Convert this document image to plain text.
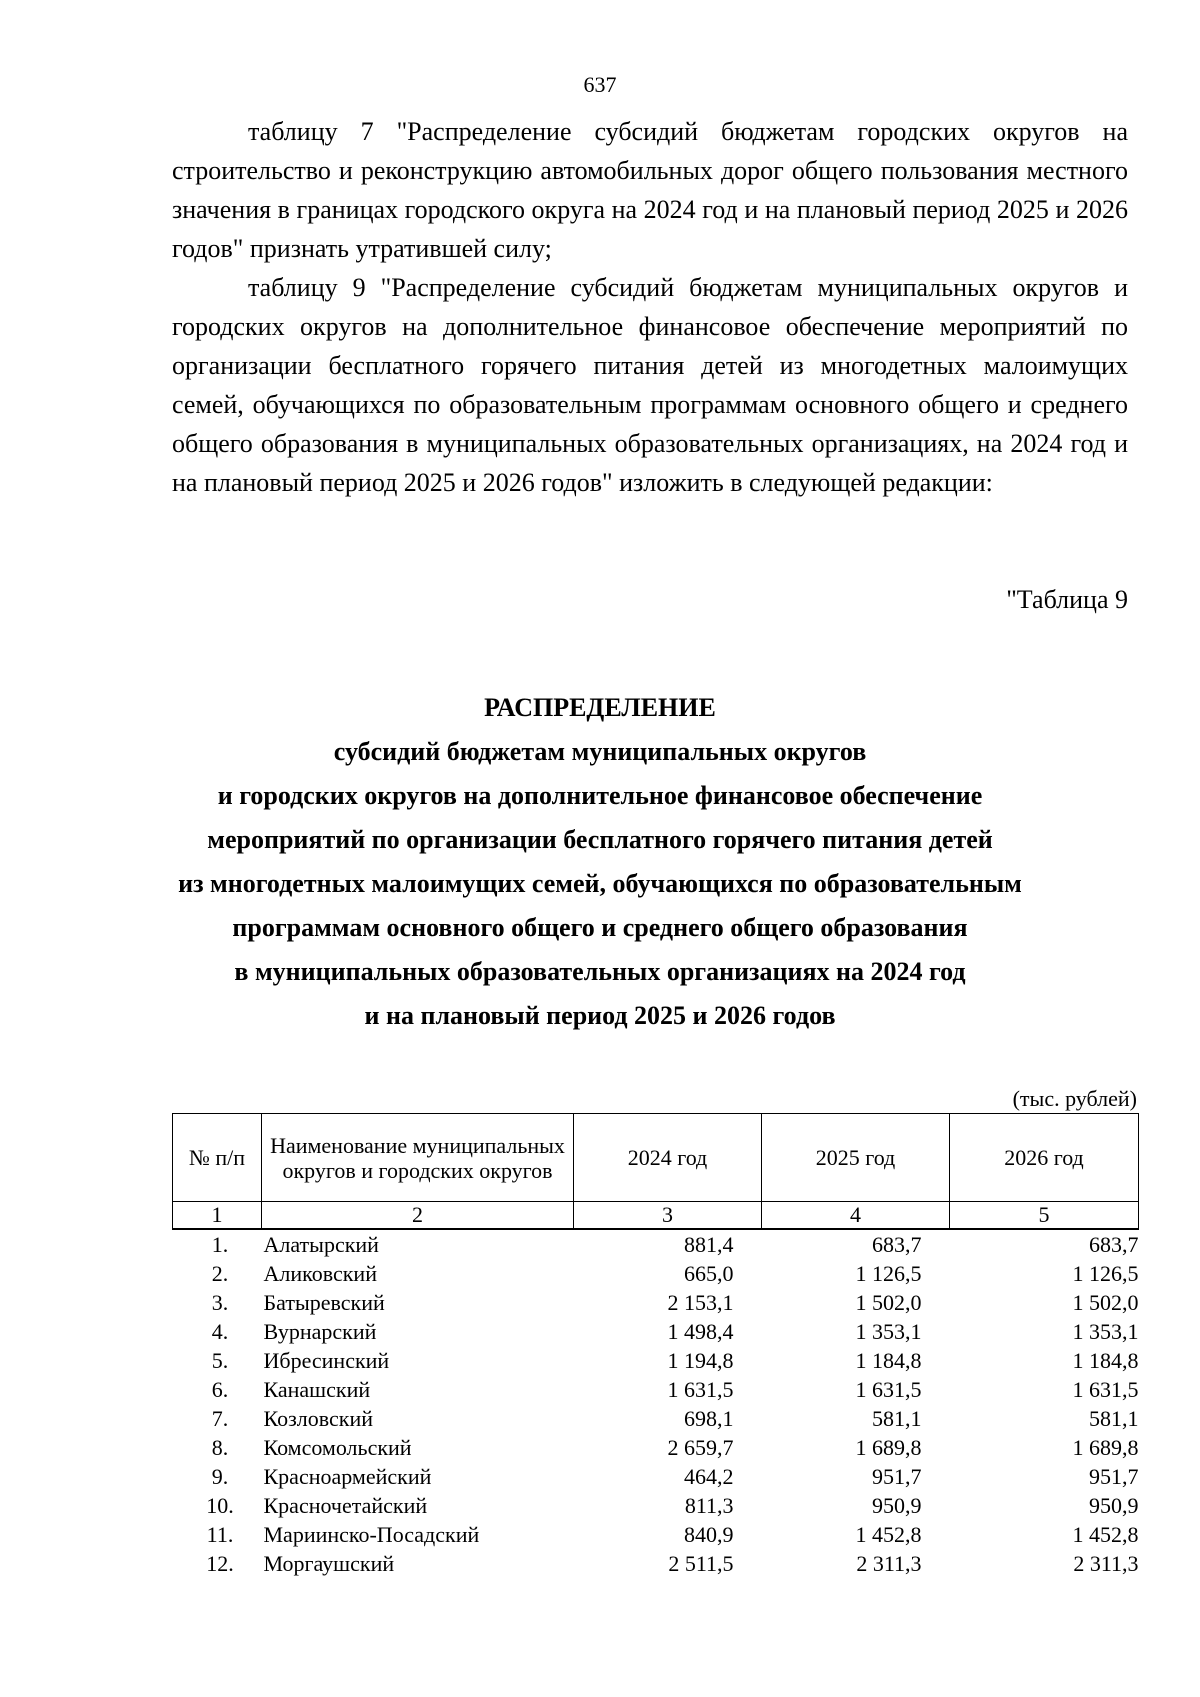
637

таблицу 7 "Распределение субсидий бюджетам городских округов на строительство и реконструкцию автомобильных дорог общего пользования местного значения в границах городского округа на 2024 год и на плановый период 2025 и 2026 годов" признать утратившей силу;

таблицу 9 "Распределение субсидий бюджетам муниципальных округов и городских округов на дополнительное финансовое обеспечение мероприятий по организации бесплатного горячего питания детей из многодетных малоимущих семей, обучающихся по образовательным программам основного общего и среднего общего образования в муниципальных образовательных организациях, на 2024 год и на плановый период 2025 и 2026 годов" изложить в следующей редакции:

"Таблица 9
РАСПРЕДЕЛЕНИЕ
субсидий бюджетам муниципальных округов
и городских округов на дополнительное финансовое обеспечение
мероприятий по организации бесплатного горячего питания детей
из многодетных малоимущих семей, обучающихся по образовательным
программам основного общего и среднего общего образования
в муниципальных образовательных организациях на 2024 год
и на плановый период 2025 и 2026 годов
(тыс. рублей)
№ п/п	Наименование муниципальных округов и городских округов	2024 год	2025 год	2026 год
1	2	3	4	5
1.	Алатырский	881,4	683,7	683,7
2.	Аликовский	665,0	1 126,5	1 126,5
3.	Батыревский	2 153,1	1 502,0	1 502,0
4.	Вурнарский	1 498,4	1 353,1	1 353,1
5.	Ибресинский	1 194,8	1 184,8	1 184,8
6.	Канашский	1 631,5	1 631,5	1 631,5
7.	Козловский	698,1	581,1	581,1
8.	Комсомольский	2 659,7	1 689,8	1 689,8
9.	Красноармейский	464,2	951,7	951,7
10.	Красночетайский	811,3	950,9	950,9
11.	Мариинско-Посадский	840,9	1 452,8	1 452,8
12.	Моргаушский	2 511,5	2 311,3	2 311,3
